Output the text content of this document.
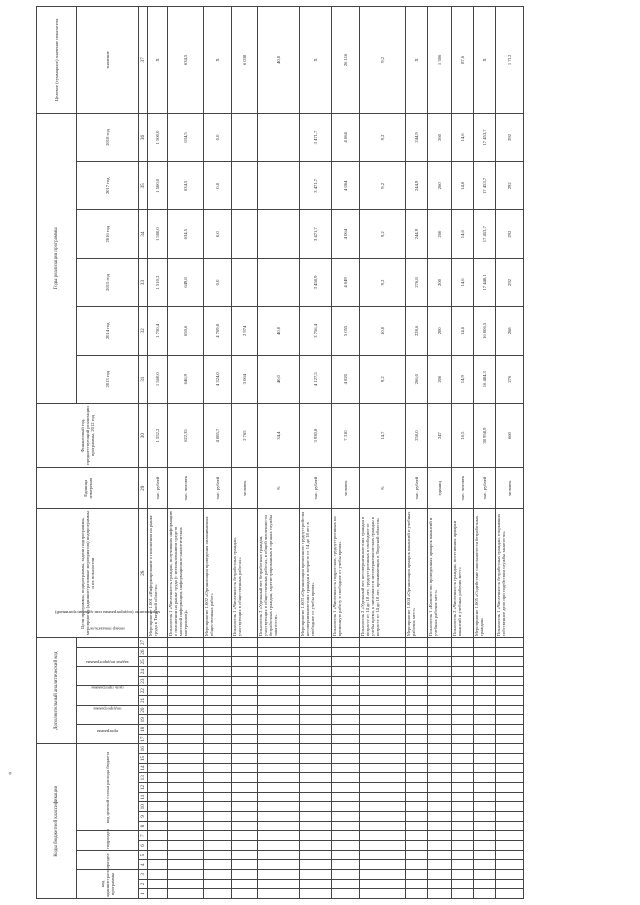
«
Коды бюджетной классификации																Дополнительный аналитический код											Цели программы, подпрограммы, задачи подпрограммы, мероприятия (административные мероприятия) подпрограммы и их показатели	Единица измерения	Финансовый год, предшествующий реализации программы, 2012 год	Годы реализации программы						Целевое (суммарное) значение показателя
код администратора программы			раздел		подраздел		код целевой статьи расхода бюджета									программа		подпрограмма		цель программы		задача подпрограммы		мероприятие (подпрограммы или административной)		номер показателя				2013 год	2014 год	2015 год	2016 год	2017 год	2018 год	значение
1	2	3	4	5	6	7	8	9	10	11	12	13	14	15	16	17	18	19	20	21	22	23	24	25	26	27	28	29	30	31	32	33	34	35	36	37
																											Мероприятие 1.001 «Информирование о положении на рынке труда в Тверской области»	тыс. рублей	1 552,2	1 560,0	1 750,4	1 510,2	1 500,0	1 500,0	1 500,0	Х
																											Показатель 1 «Численность граждан, получивших информацию о положении на рынке труда (с использованием средств массовой информации, информационно-аналитических материалов)»	тыс. человек	622,35	646,9	650,6	649,8	634,5	634,5	634,5	634,5
																											Мероприятие 1.002 «Организация проведения оплачиваемых общественных работ»	тыс. рублей	4 085,7	4 324,0	4 769,8	0,0	0,0	0,0	0,0	Х
																											Показатель 1 «Численность безработных граждан, участвующих в общественных работах»	человек	2 765	3 064	2 974					6 038
																											Показатель 2 «Удельный вес безработных граждан, участвующих в общественных работах, в общей численности безработных граждан, зарегистрированных в органах службы занятости»	%	34,4	40,0	40,0					40,0
																											Мероприятие 1.003 «Организация временного трудоустройства несовершеннолетних граждан в возрасте от 14 до 18 лет в свободное от учебы время»	тыс. рублей	3 930,8	4 127,5	3 756,4	3 458,9	3 471,7	3 471,7	3 471,7	Х
																											Показатель 1 «Численность подростков, трудоустроенных на временную работу в свободное от учебы время»	человек	7 310	4 820	5 055	4 049	4 064	4 064	4 064	26 116
																											Показатель 2 «Удельный вес несовершеннолетних граждан в возрасте от 14 до 18 лет, трудоустроенных в свободное от учебы время, к численности несовершеннолетних граждан в возрасте от 14 до 18 лет, проживающих в Тверской области»	%	14,7	9,2	10,0	9,2	9,2	9,2	9,2	9,2
																											Мероприятие 1.004 «Организация ярмарок вакансий и учебных рабочих мест»	тыс. рублей	250,0	266,0	228,6	276,8	244,9	244,9	244,9	Х
																											Показатель 1 «Количество проведенных ярмарок вакансий и учебных рабочих мест»	единиц	247	206	200	200	260	260	260	1 386
																											Показатель 2 «Численность граждан, посетивших ярмарки вакансий и учебных рабочих мест»	тыс. человек	16,5	14,9	14,6	14,6	14,6	14,6	14,6	87,6
																											Мероприятие 1.005 «Содействие самозанятости безработных граждан»	тыс. рублей	38 958,9	16 484,3	16 006,5	17 448,1	17 453,7	17 453,7	17 453,7	Х
																											Показатель 1 «Численность безработных граждан, открывших собственное дело при содействии службы занятости»	человек	660	276	268	292	292	292	292	1 712
